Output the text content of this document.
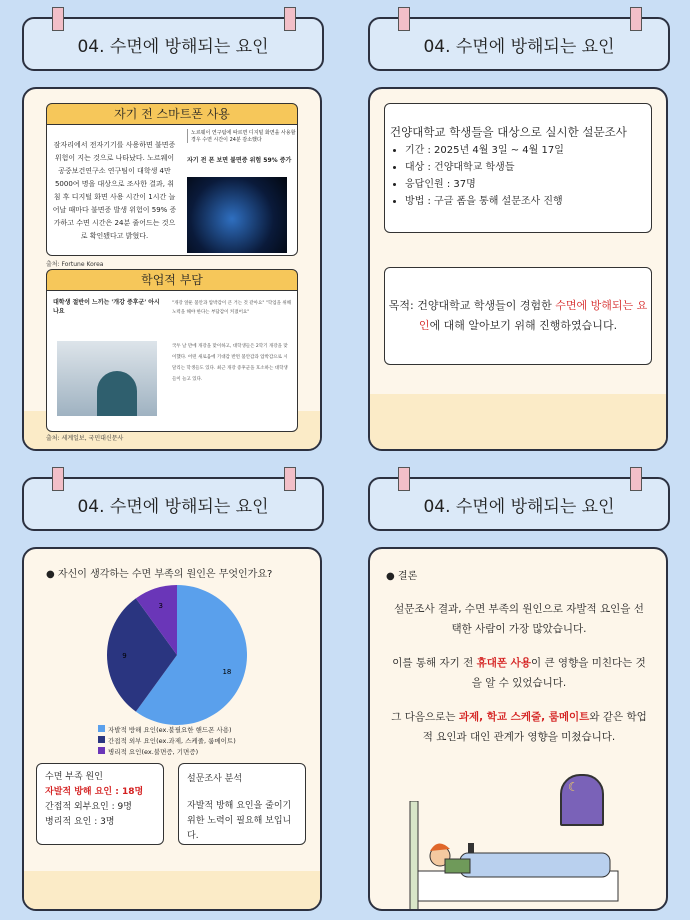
04. 수면에 방해되는 요인
자기 전 스마트폰 사용
잠자리에서 전자기기를 사용하면 불면증 위험이 지는 것으로 나타났다. 노르웨이 공중보건연구소 연구팀이 대학생 4만 5000여 명을 대상으로 조사한 결과, 취침 후 디지털 화면 사용 시간이 1시간 늘어날 때마다 불면증 발생 위험이 59% 증가하고 수면 시간은 24분 줄어드는 것으로 확인됐다고 밝혔다.
노르웨이 연구팀에 따르면 디지털 화면을 사용할 경우 수면 시간이 24분 감소했다
자기 전 폰 보면 불면증 위험 59% 증가
출처: Fortune Korea
학업적 부담
대학생 절반이 느끼는 '개강 증후군' 아시나요
"개강 앞둔 불안과 압박감이 큰 거는 것 같아요" "학업을 위해 노력을 해야 한다는 부담감이 커졌어요"
국두 날 만에 개강을 맞이하고, 대학생들은 2학기 개강을 맞이했다. 어떤 새로움에 기대감 반면 불안감과 압박감으로 시달리는 학생들도 있다. 최근 개강 증후군을 호소하는 대학생들이 늘고 있다.
출처: 세계일보, 국민대신문사
04. 수면에 방해되는 요인
건양대학교 학생들을 대상으로 실시한 설문조사
• 기간 : 2025년 4월 3일 ~ 4월 17일
• 대상 : 건양대학교 학생들
• 응답인원 : 37명
• 방법 : 구글 폼을 통해 설문조사 진행
목적: 건양대학교 학생들이 경험한 수면에 방해되는 요인에 대해 알아보기 위해 진행하였습니다.
04. 수면에 방해되는 요인
● 자신이 생각하는 수면 부족의 원인은 무엇인가요?
18
9
3
자발적 방해 요인(ex.불필요한 핸드폰 사용)
간접적 외부 요인(ex.과제, 스케줄, 룸메이트)
병리적 요인(ex.불면증, 기면증)
수면 부족 원인
자발적 방해 요인 : 18명
간접적 외부요인 : 9명
병리적 요인 : 3명
설문조사 분석
자발적 방해 요인을 줄이기 위한 노력이 필요해 보입니다.
04. 수면에 방해되는 요인
● 결론
설문조사 결과, 수면 부족의 원인으로 자발적 요인을 선택한 사람이 가장 많았습니다.
이를 통해 자기 전 휴대폰 사용이 큰 영향을 미친다는 것을 알 수 있었습니다.
그 다음으로는 과제, 학교 스케줄, 룸메이트와 같은 학업적 요인과 대인 관계가 영향을 미쳤습니다.
☾
